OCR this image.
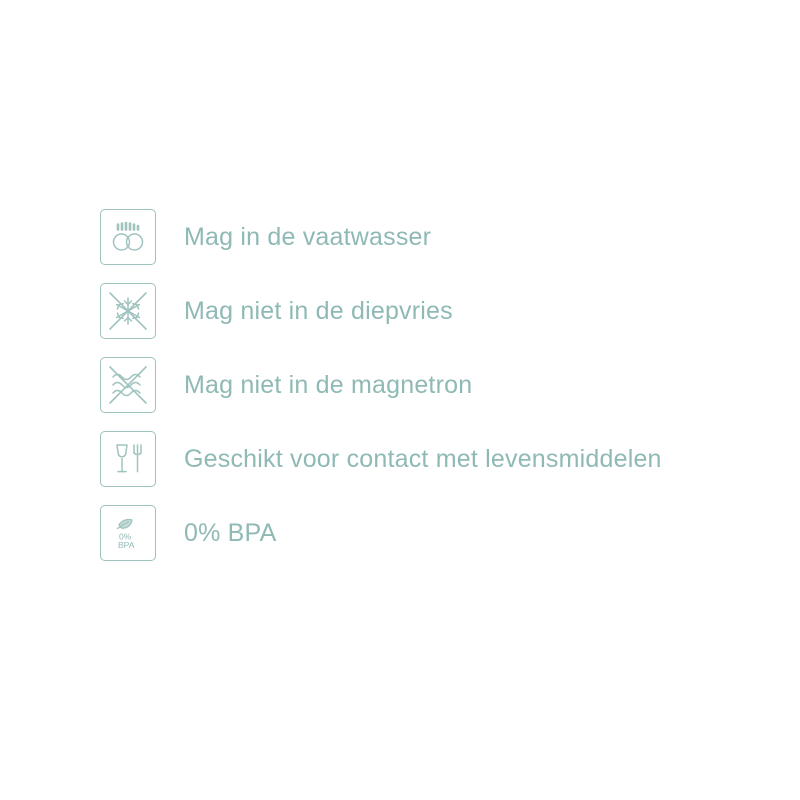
Mag in de vaatwasser
Mag niet in de diepvries
Mag niet in de magnetron
Geschikt voor contact met levensmiddelen
0%
BPA 0% BPA
